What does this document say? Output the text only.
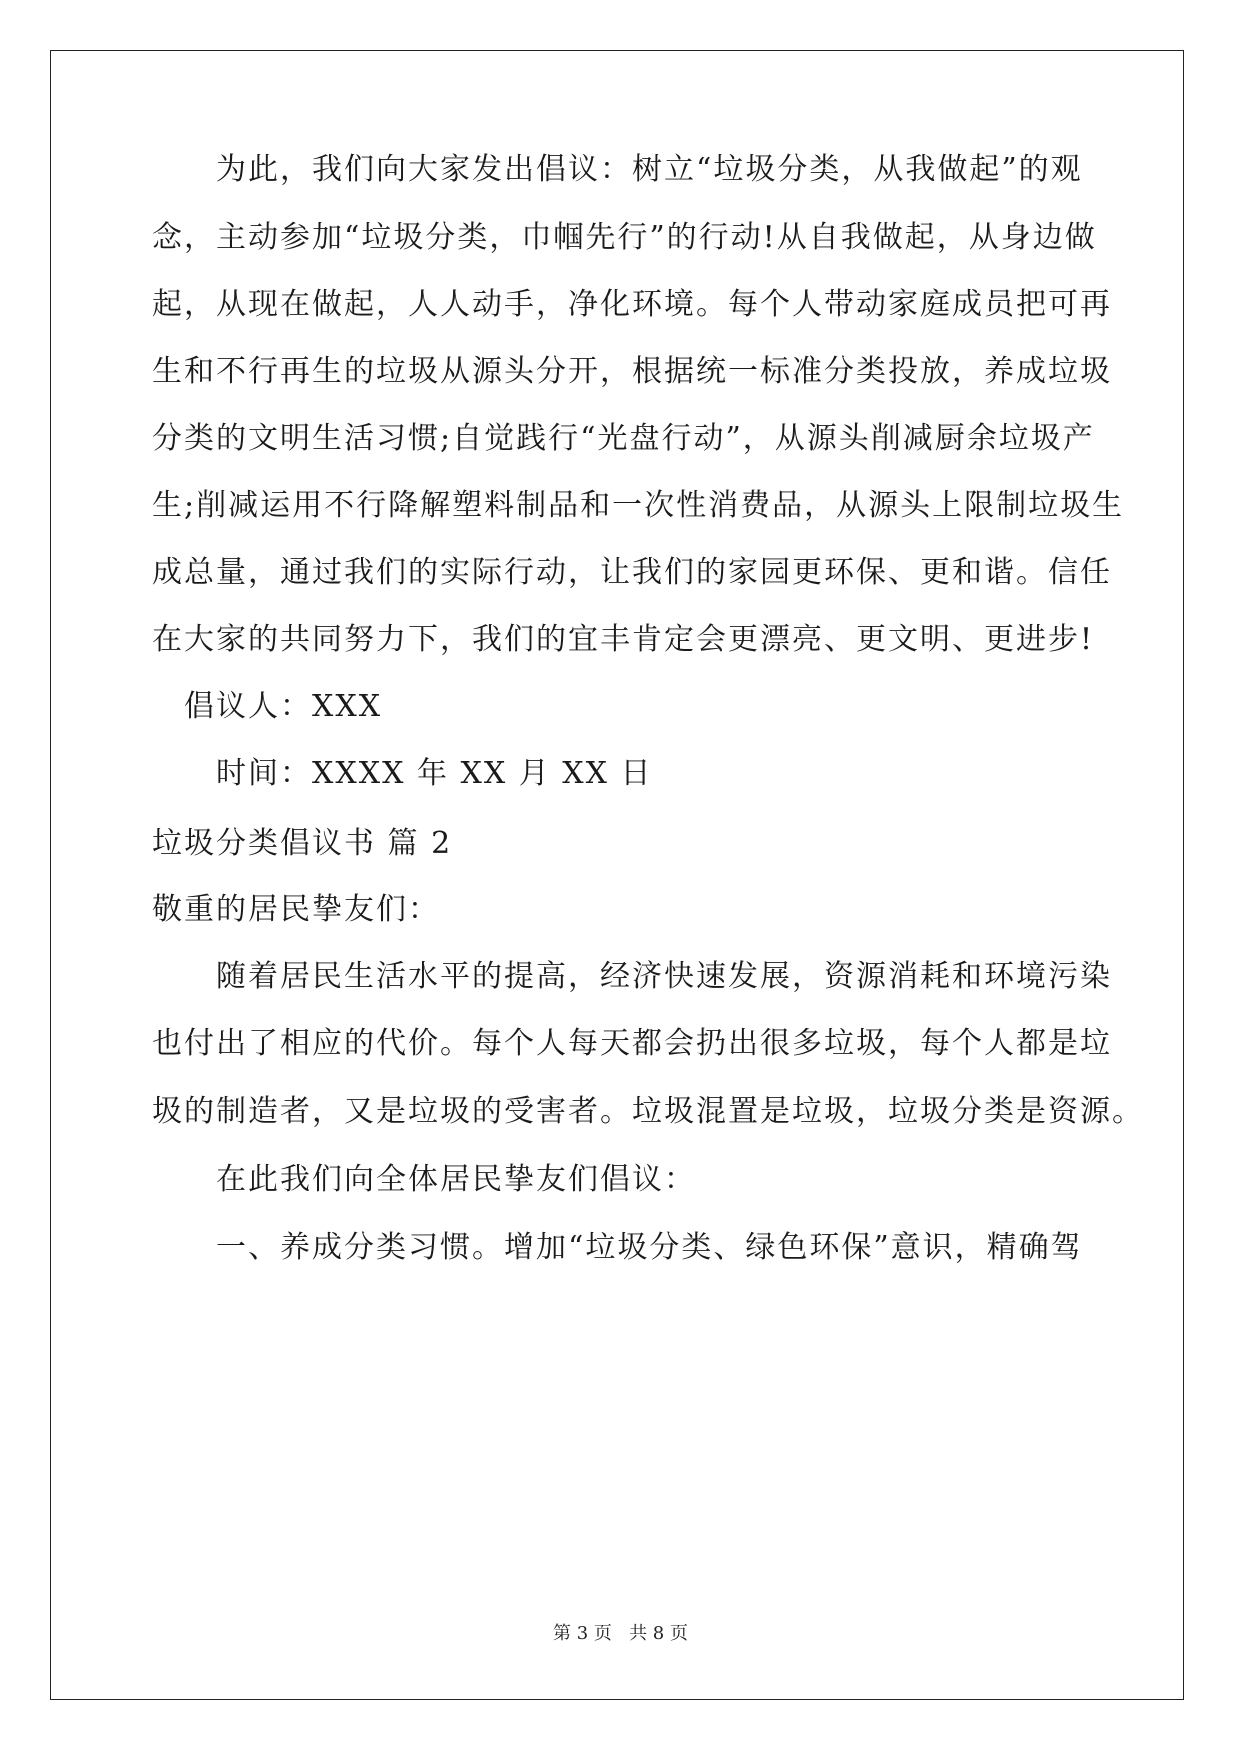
　　为此，我们向大家发出倡议：树立“垃圾分类，从我做起”的观
念，主动参加“垃圾分类，巾帼先行”的行动!从自我做起，从身边做
起，从现在做起，人人动手，净化环境。每个人带动家庭成员把可再
生和不行再生的垃圾从源头分开，根据统一标准分类投放，养成垃圾
分类的文明生活习惯;自觉践行“光盘行动”，从源头削减厨余垃圾产
生;削减运用不行降解塑料制品和一次性消费品，从源头上限制垃圾生
成总量，通过我们的实际行动，让我们的家园更环保、更和谐。信任
在大家的共同努力下，我们的宜丰肯定会更漂亮、更文明、更进步!
　倡议人：XXX
　　时间：XXXX 年 XX 月 XX 日
垃圾分类倡议书 篇 2
敬重的居民挚友们：
　　随着居民生活水平的提高，经济快速发展，资源消耗和环境污染
也付出了相应的代价。每个人每天都会扔出很多垃圾，每个人都是垃
圾的制造者，又是垃圾的受害者。垃圾混置是垃圾，垃圾分类是资源。
　　在此我们向全体居民挚友们倡议：
　　一、养成分类习惯。增加“垃圾分类、绿色环保”意识，精确驾
第 3 页 共 8 页
